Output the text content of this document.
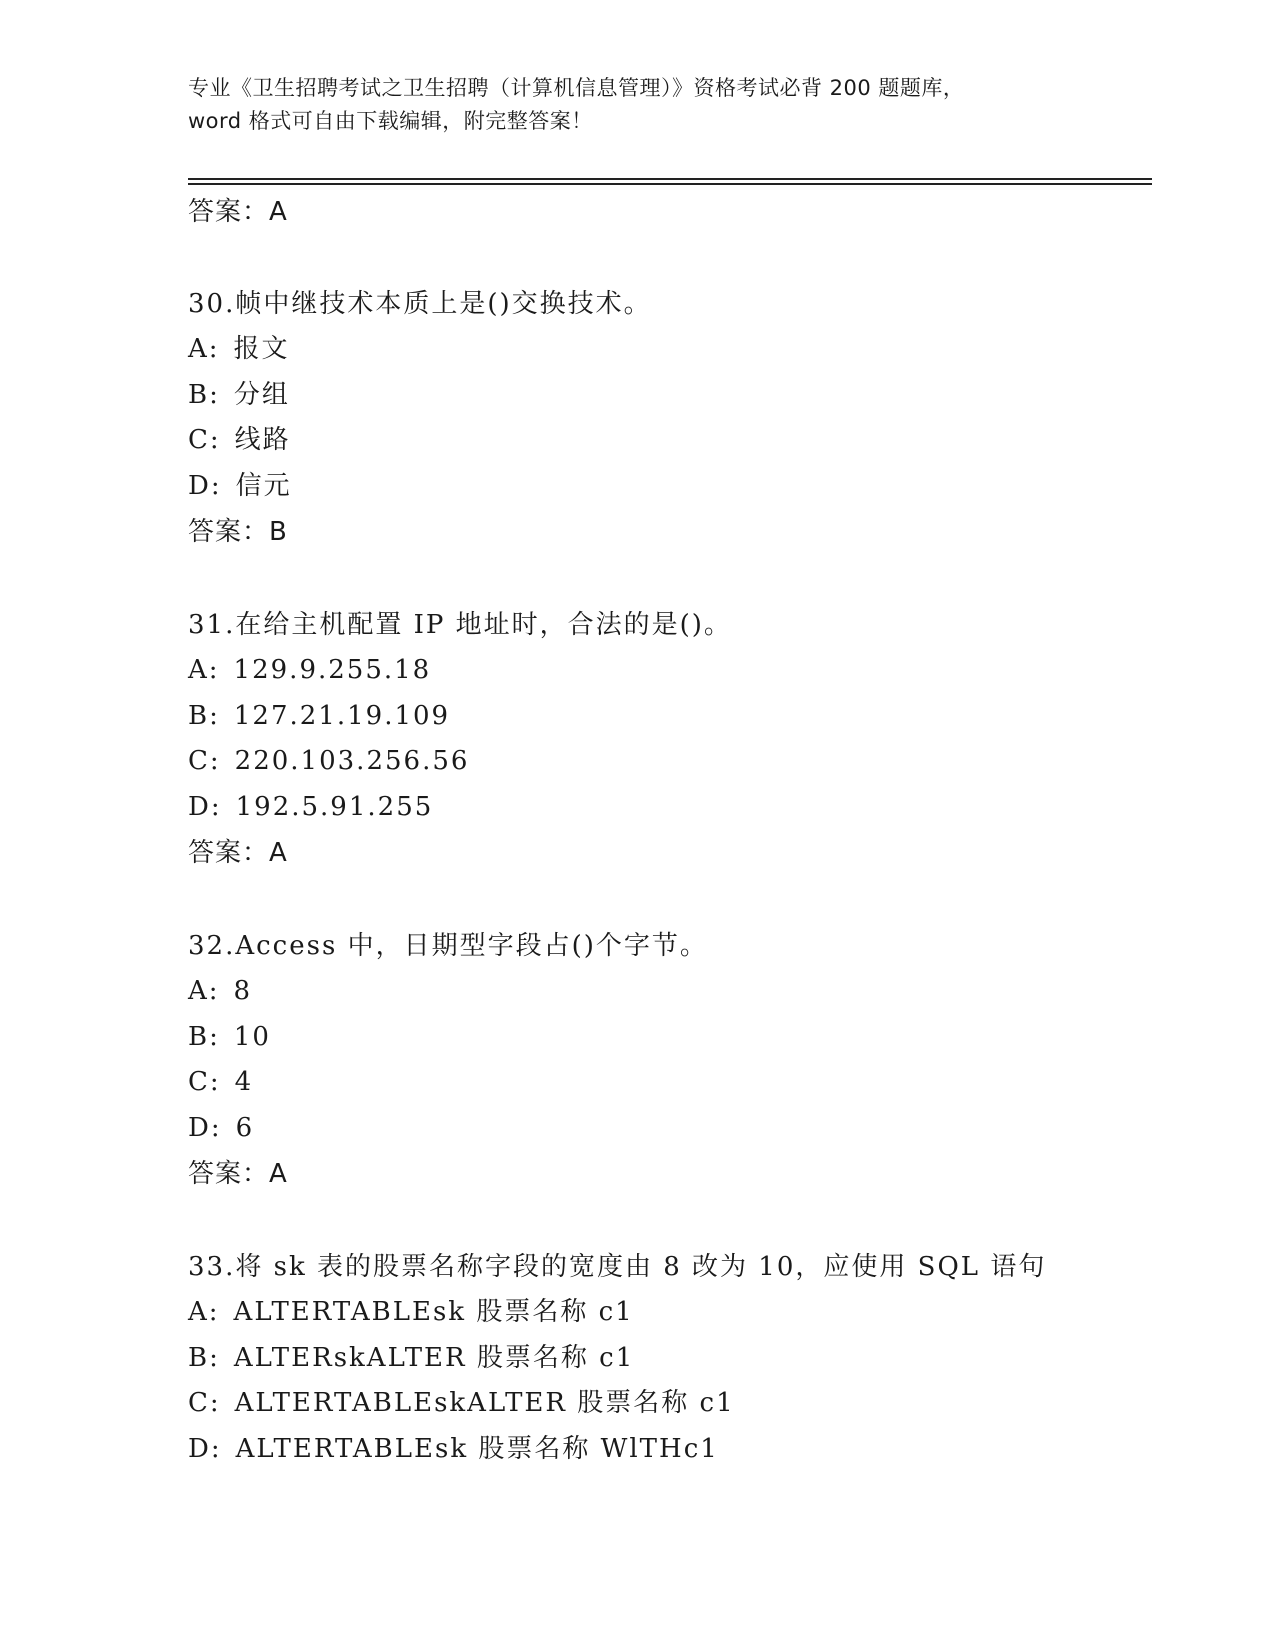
专业《卫生招聘考试之卫生招聘（计算机信息管理）》资格考试必背 200 题题库，
word 格式可自由下载编辑，附完整答案！
答案：A
30.帧中继技术本质上是()交换技术。
A: 报文
B: 分组
C: 线路
D: 信元
答案：B
31.在给主机配置 IP 地址时，合法的是()。
A: 129.9.255.18
B: 127.21.19.109
C: 220.103.256.56
D: 192.5.91.255
答案：A
32.Access 中，日期型字段占()个字节。
A: 8
B: 10
C: 4
D: 6
答案：A
33.将 sk 表的股票名称字段的宽度由 8 改为 10，应使用 SQL 语句
A: ALTERTABLEsk 股票名称 c1
B: ALTERskALTER 股票名称 c1
C: ALTERTABLEskALTER 股票名称 c1
D: ALTERTABLEsk 股票名称 WlTHc1
